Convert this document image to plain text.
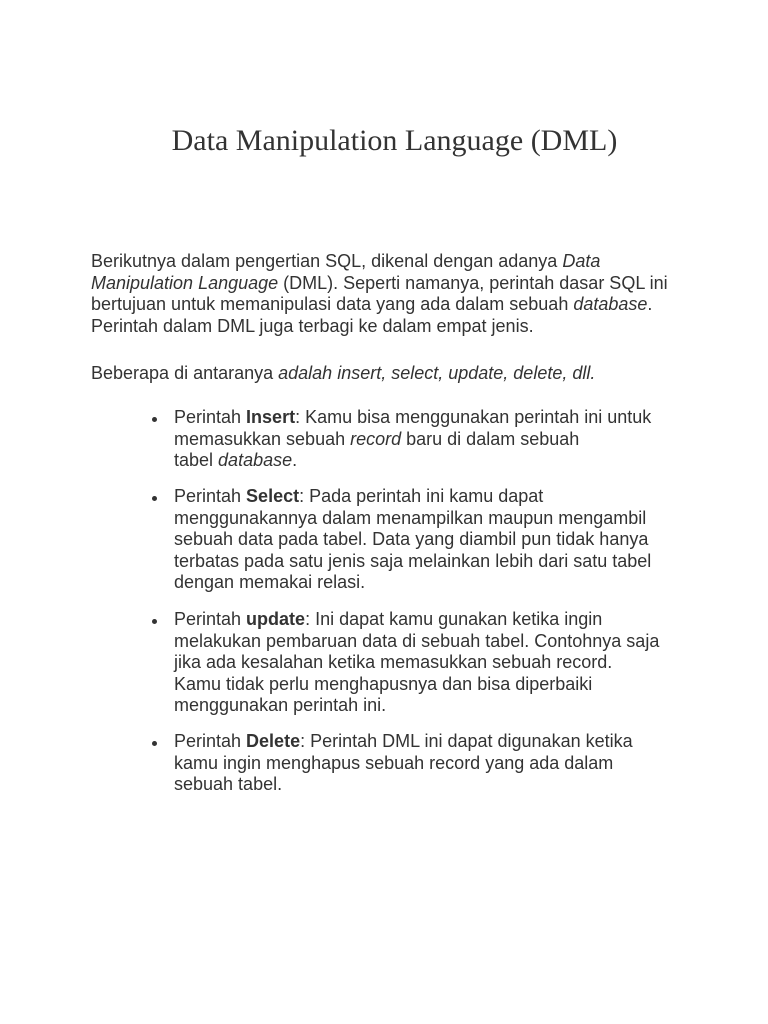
Data Manipulation Language (DML)
Berikutnya dalam pengertian SQL, dikenal dengan adanya Data
Manipulation Language (DML). Seperti namanya, perintah dasar SQL ini
bertujuan untuk memanipulasi data yang ada dalam sebuah database.
Perintah dalam DML juga terbagi ke dalam empat jenis.
Beberapa di antaranya adalah insert, select, update, delete, dll.
Perintah Insert: Kamu bisa menggunakan perintah ini untuk
memasukkan sebuah record baru di dalam sebuah
tabel database.
Perintah Select: Pada perintah ini kamu dapat
menggunakannya dalam menampilkan maupun mengambil
sebuah data pada tabel. Data yang diambil pun tidak hanya
terbatas pada satu jenis saja melainkan lebih dari satu tabel
dengan memakai relasi.
Perintah update: Ini dapat kamu gunakan ketika ingin
melakukan pembaruan data di sebuah tabel. Contohnya saja
jika ada kesalahan ketika memasukkan sebuah record.
Kamu tidak perlu menghapusnya dan bisa diperbaiki
menggunakan perintah ini.
Perintah Delete: Perintah DML ini dapat digunakan ketika
kamu ingin menghapus sebuah record yang ada dalam
sebuah tabel.
